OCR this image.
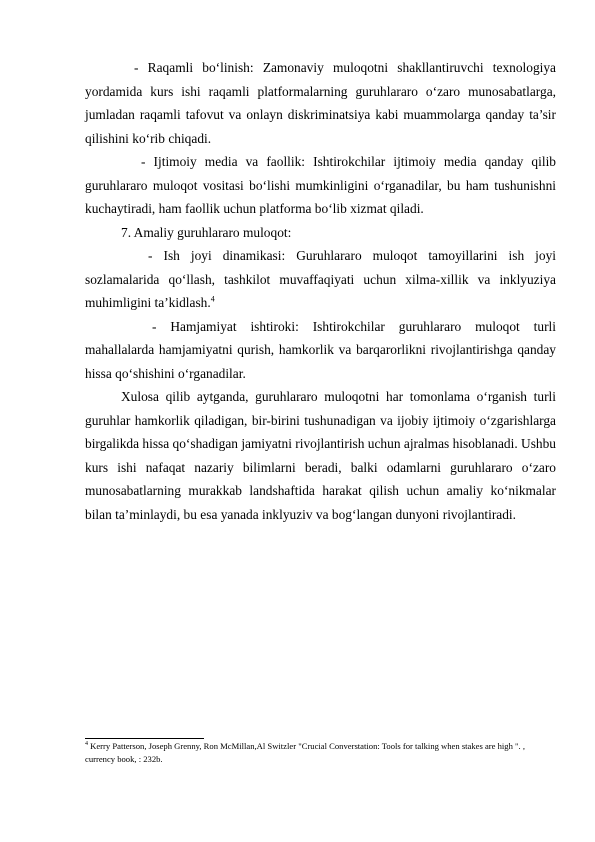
- Raqamli bo‘linish: Zamonaviy muloqotni shakllantiruvchi texnologiya yordamida kurs ishi raqamli platformalarning guruhlararo o‘zaro munosabatlarga, jumladan raqamli tafovut va onlayn diskriminatsiya kabi muammolarga qanday ta’sir qilishini ko‘rib chiqadi.

- Ijtimoiy media va faollik: Ishtirokchilar ijtimoiy media qanday qilib guruhlararo muloqot vositasi bo‘lishi mumkinligini o‘rganadilar, bu ham tushunishni kuchaytiradi, ham faollik uchun platforma bo‘lib xizmat qiladi.

7. Amaliy guruhlararo muloqot:

- Ish joyi dinamikasi: Guruhlararo muloqot tamoyillarini ish joyi sozlamalarida qo‘llash, tashkilot muvaffaqiyati uchun xilma-xillik va inklyuziya muhimligini ta’kidlash.$^4$

- Hamjamiyat ishtiroki: Ishtirokchilar guruhlararo muloqot turli mahallalarda hamjamiyatni qurish, hamkorlik va barqarorlikni rivojlantirishga qanday hissa qo‘shishini o‘rganadilar.

Xulosa qilib aytganda, guruhlararo muloqotni har tomonlama o‘rganish turli guruhlar hamkorlik qiladigan, bir-birini tushunadigan va ijobiy ijtimoiy o‘zgarishlarga birgalikda hissa qo‘shadigan jamiyatni rivojlantirish uchun ajralmas hisoblanadi. Ushbu kurs ishi nafaqat nazariy bilimlarni beradi, balki odamlarni guruhlararo o‘zaro munosabatlarning murakkab landshaftida harakat qilish uchun amaliy ko‘nikmalar bilan ta’minlaydi, bu esa yanada inklyuziv va bog‘langan dunyoni rivojlantiradi.

$^4$ Kerry Patterson, Joseph Grenny, Ron McMillan,Al Switzler "Crucial Converstation: Tools for talking when stakes are high ". , currency book, : 232b.
